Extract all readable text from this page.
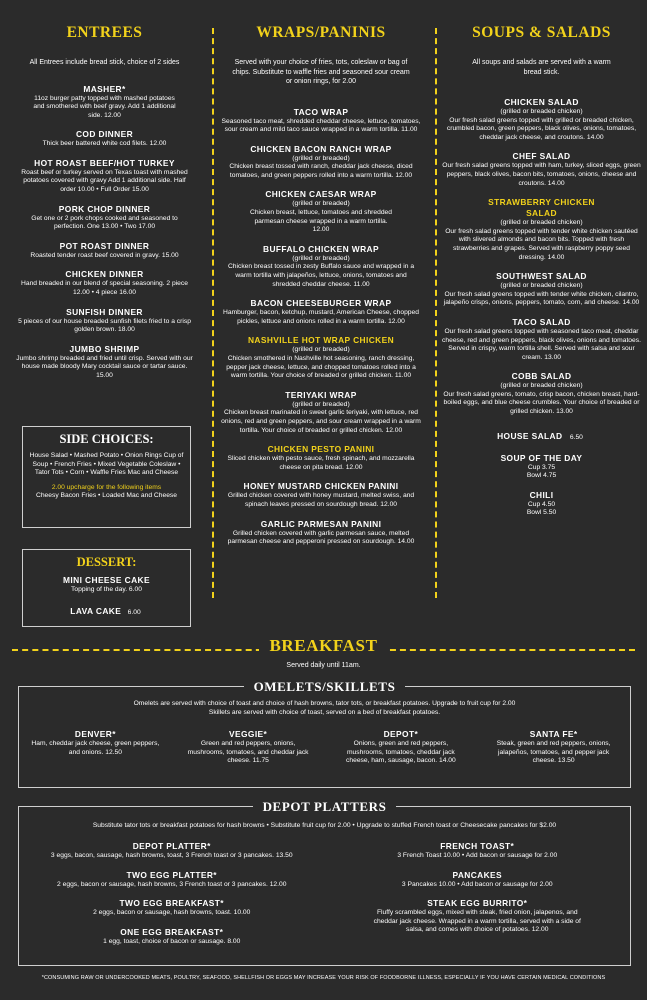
ENTREES
All Entrees include bread stick, choice of 2 sides
MASHER*
11oz burger patty topped with mashed potatoes and smothered with beef gravy. Add 1 additional side. 12.00
COD DINNER
Thick beer battered white cod filets. 12.00
HOT ROAST BEEF/HOT TURKEY
Roast beef or turkey served on Texas toast with mashed potatoes covered with gravy Add 1 additional side. Half order 10.00 • Full Order 15.00
PORK CHOP DINNER
Get one or 2 pork chops cooked and seasoned to perfection. One 13.00 • Two 17.00
POT ROAST DINNER
Roasted tender roast beef covered in gravy. 15.00
CHICKEN DINNER
Hand breaded in our blend of special seasoning. 2 piece 12.00 • 4 piece 16.00
SUNFISH DINNER
5 pieces of our house breaded sunfish filets fried to a crisp golden brown. 18.00
JUMBO SHRIMP
Jumbo shrimp breaded and fried until crisp. Served with our house made bloody Mary cocktail sauce or tartar sauce. 15.00
SIDE CHOICES:
House Salad • Mashed Potato • Onion Rings Cup of Soup • French Fries • Mixed Vegetable Coleslaw • Tator Tots • Corn • Waffle Fries Mac and Cheese
2.00 upcharge for the following items
Cheesy Bacon Fries • Loaded Mac and Cheese
DESSERT:
MINI CHEESE CAKE
Topping of the day. 6.00
LAVA CAKE 6.00
WRAPS/PANINIS
Served with your choice of fries, tots, coleslaw or bag of chips. Substitute to waffle fries and seasoned sour cream or onion rings, for 2.00
TACO WRAP
Seasoned taco meat, shredded cheddar cheese, lettuce, tomatoes, sour cream and mild taco sauce wrapped in a warm tortilla. 11.00
CHICKEN BACON RANCH WRAP
(grilled or breaded)
Chicken breast tossed with ranch, cheddar jack cheese, diced tomatoes, and green peppers rolled into a warm tortilla. 12.00
CHICKEN CAESAR WRAP
(grilled or breaded)
Chicken breast, lettuce, tomatoes and shredded parmesan cheese wrapped in a warm tortilla. 12.00
BUFFALO CHICKEN WRAP
(grilled or breaded)
Chicken breast tossed in zesty Buffalo sauce and wrapped in a warm tortilla with jalapeños, lettuce, onions, tomatoes and shredded cheddar cheese. 11.00
BACON CHEESEBURGER WRAP
Hamburger, bacon, ketchup, mustard, American Cheese, chopped pickles, lettuce and onions rolled in a warm tortilla. 12.00
NASHVILLE HOT WRAP CHICKEN
(grilled or breaded)
Chicken smothered in Nashville hot seasoning, ranch dressing, pepper jack cheese, lettuce, and chopped tomatoes rolled into a warm tortilla. Your choice of breaded or grilled chicken. 11.00
TERIYAKI WRAP
(grilled or breaded)
Chicken breast marinated in sweet garlic teriyaki, with lettuce, red onions, red and green peppers, and sour cream wrapped in a warm tortilla. Your choice of breaded or grilled chicken. 12.00
CHICKEN PESTO PANINI
Sliced chicken with pesto sauce, fresh spinach, and mozzarella cheese on pita bread. 12.00
HONEY MUSTARD CHICKEN PANINI
Grilled chicken covered with honey mustard, melted swiss, and spinach leaves pressed on sourdough bread. 12.00
GARLIC PARMESAN PANINI
Grilled chicken covered with garlic parmesan sauce, melted parmesan cheese and pepperoni pressed on sourdough. 14.00
SOUPS & SALADS
All soups and salads are served with a warm bread stick.
CHICKEN SALAD
(grilled or breaded chicken)
Our fresh salad greens topped with grilled or breaded chicken, crumbled bacon, green peppers, black olives, onions, tomatoes, cheddar jack cheese, and croutons. 14.00
CHEF SALAD
Our fresh salad greens topped with ham, turkey, sliced eggs, green peppers, black olives, bacon bits, tomatoes, onions, cheese and croutons. 14.00
STRAWBERRY CHICKEN SALAD
(grilled or breaded chicken)
Our fresh salad greens topped with tender white chicken sautéed with slivered almonds and bacon bits. Topped with fresh strawberries and grapes. Served with raspberry poppy seed dressing. 14.00
SOUTHWEST SALAD
(grilled or breaded chicken)
Our fresh salad greens topped with tender white chicken, cilantro, jalapeño crisps, onions, peppers, tomato, corn, and cheese. 14.00
TACO SALAD
Our fresh salad greens topped with seasoned taco meat, cheddar cheese, red and green peppers, black olives, onions and tomatoes. Served in crispy, warm tortilla shell. Served with salsa and sour cream. 13.00
COBB SALAD
(grilled or breaded chicken)
Our fresh salad greens, tomato, crisp bacon, chicken breast, hard-boiled eggs, and blue cheese crumbles. Your choice of breaded or grilled chicken. 13.00
HOUSE SALAD 6.50
SOUP OF THE DAY
Cup 3.75
Bowl 4.75
CHILI
Cup 4.50
Bowl 5.50
BREAKFAST
Served daily until 11am.
OMELETS/SKILLETS
Omelets are served with choice of toast and choice of hash browns, tator tots, or breakfast potatoes. Upgrade to fruit cup for 2.00
Skillets are served with choice of toast, served on a bed of breakfast potatoes.
DENVER*
Ham, cheddar jack cheese, green peppers, and onions. 12.50
VEGGIE*
Green and red peppers, onions, mushrooms, tomatoes, and cheddar jack cheese. 11.75
DEPOT*
Onions, green and red peppers, mushrooms, tomatoes, cheddar jack cheese, ham, sausage, bacon. 14.00
SANTA FE*
Steak, green and red peppers, onions, jalapeños, tomatoes, and pepper jack cheese. 13.50
DEPOT PLATTERS
Substitute tator tots or breakfast potatoes for hash browns • Substitute fruit cup for 2.00 • Upgrade to stuffed French toast or Cheesecake pancakes for $2.00
DEPOT PLATTER*
3 eggs, bacon, sausage, hash browns, toast, 3 French toast or 3 pancakes. 13.50
TWO EGG PLATTER*
2 eggs, bacon or sausage, hash browns, 3 French toast or 3 pancakes. 12.00
TWO EGG BREAKFAST*
2 eggs, bacon or sausage, hash browns, toast. 10.00
ONE EGG BREAKFAST*
1 egg, toast, choice of bacon or sausage. 8.00
FRENCH TOAST*
3 French Toast 10.00 • Add bacon or sausage for 2.00
PANCAKES
3 Pancakes 10.00 • Add bacon or sausage for 2.00
STEAK EGG BURRITO*
Fluffy scrambled eggs, mixed with steak, fried onion, jalapenos, and cheddar jack cheese. Wrapped in a warm tortilla, served with a side of salsa, and comes with choice of potatoes. 12.00
*CONSUMING RAW OR UNDERCOOKED MEATS, POULTRY, SEAFOOD, SHELLFISH OR EGGS MAY INCREASE YOUR RISK OF FOODBORNE ILLNESS, ESPECIALLY IF YOU HAVE CERTAIN MEDICAL CONDITIONS
